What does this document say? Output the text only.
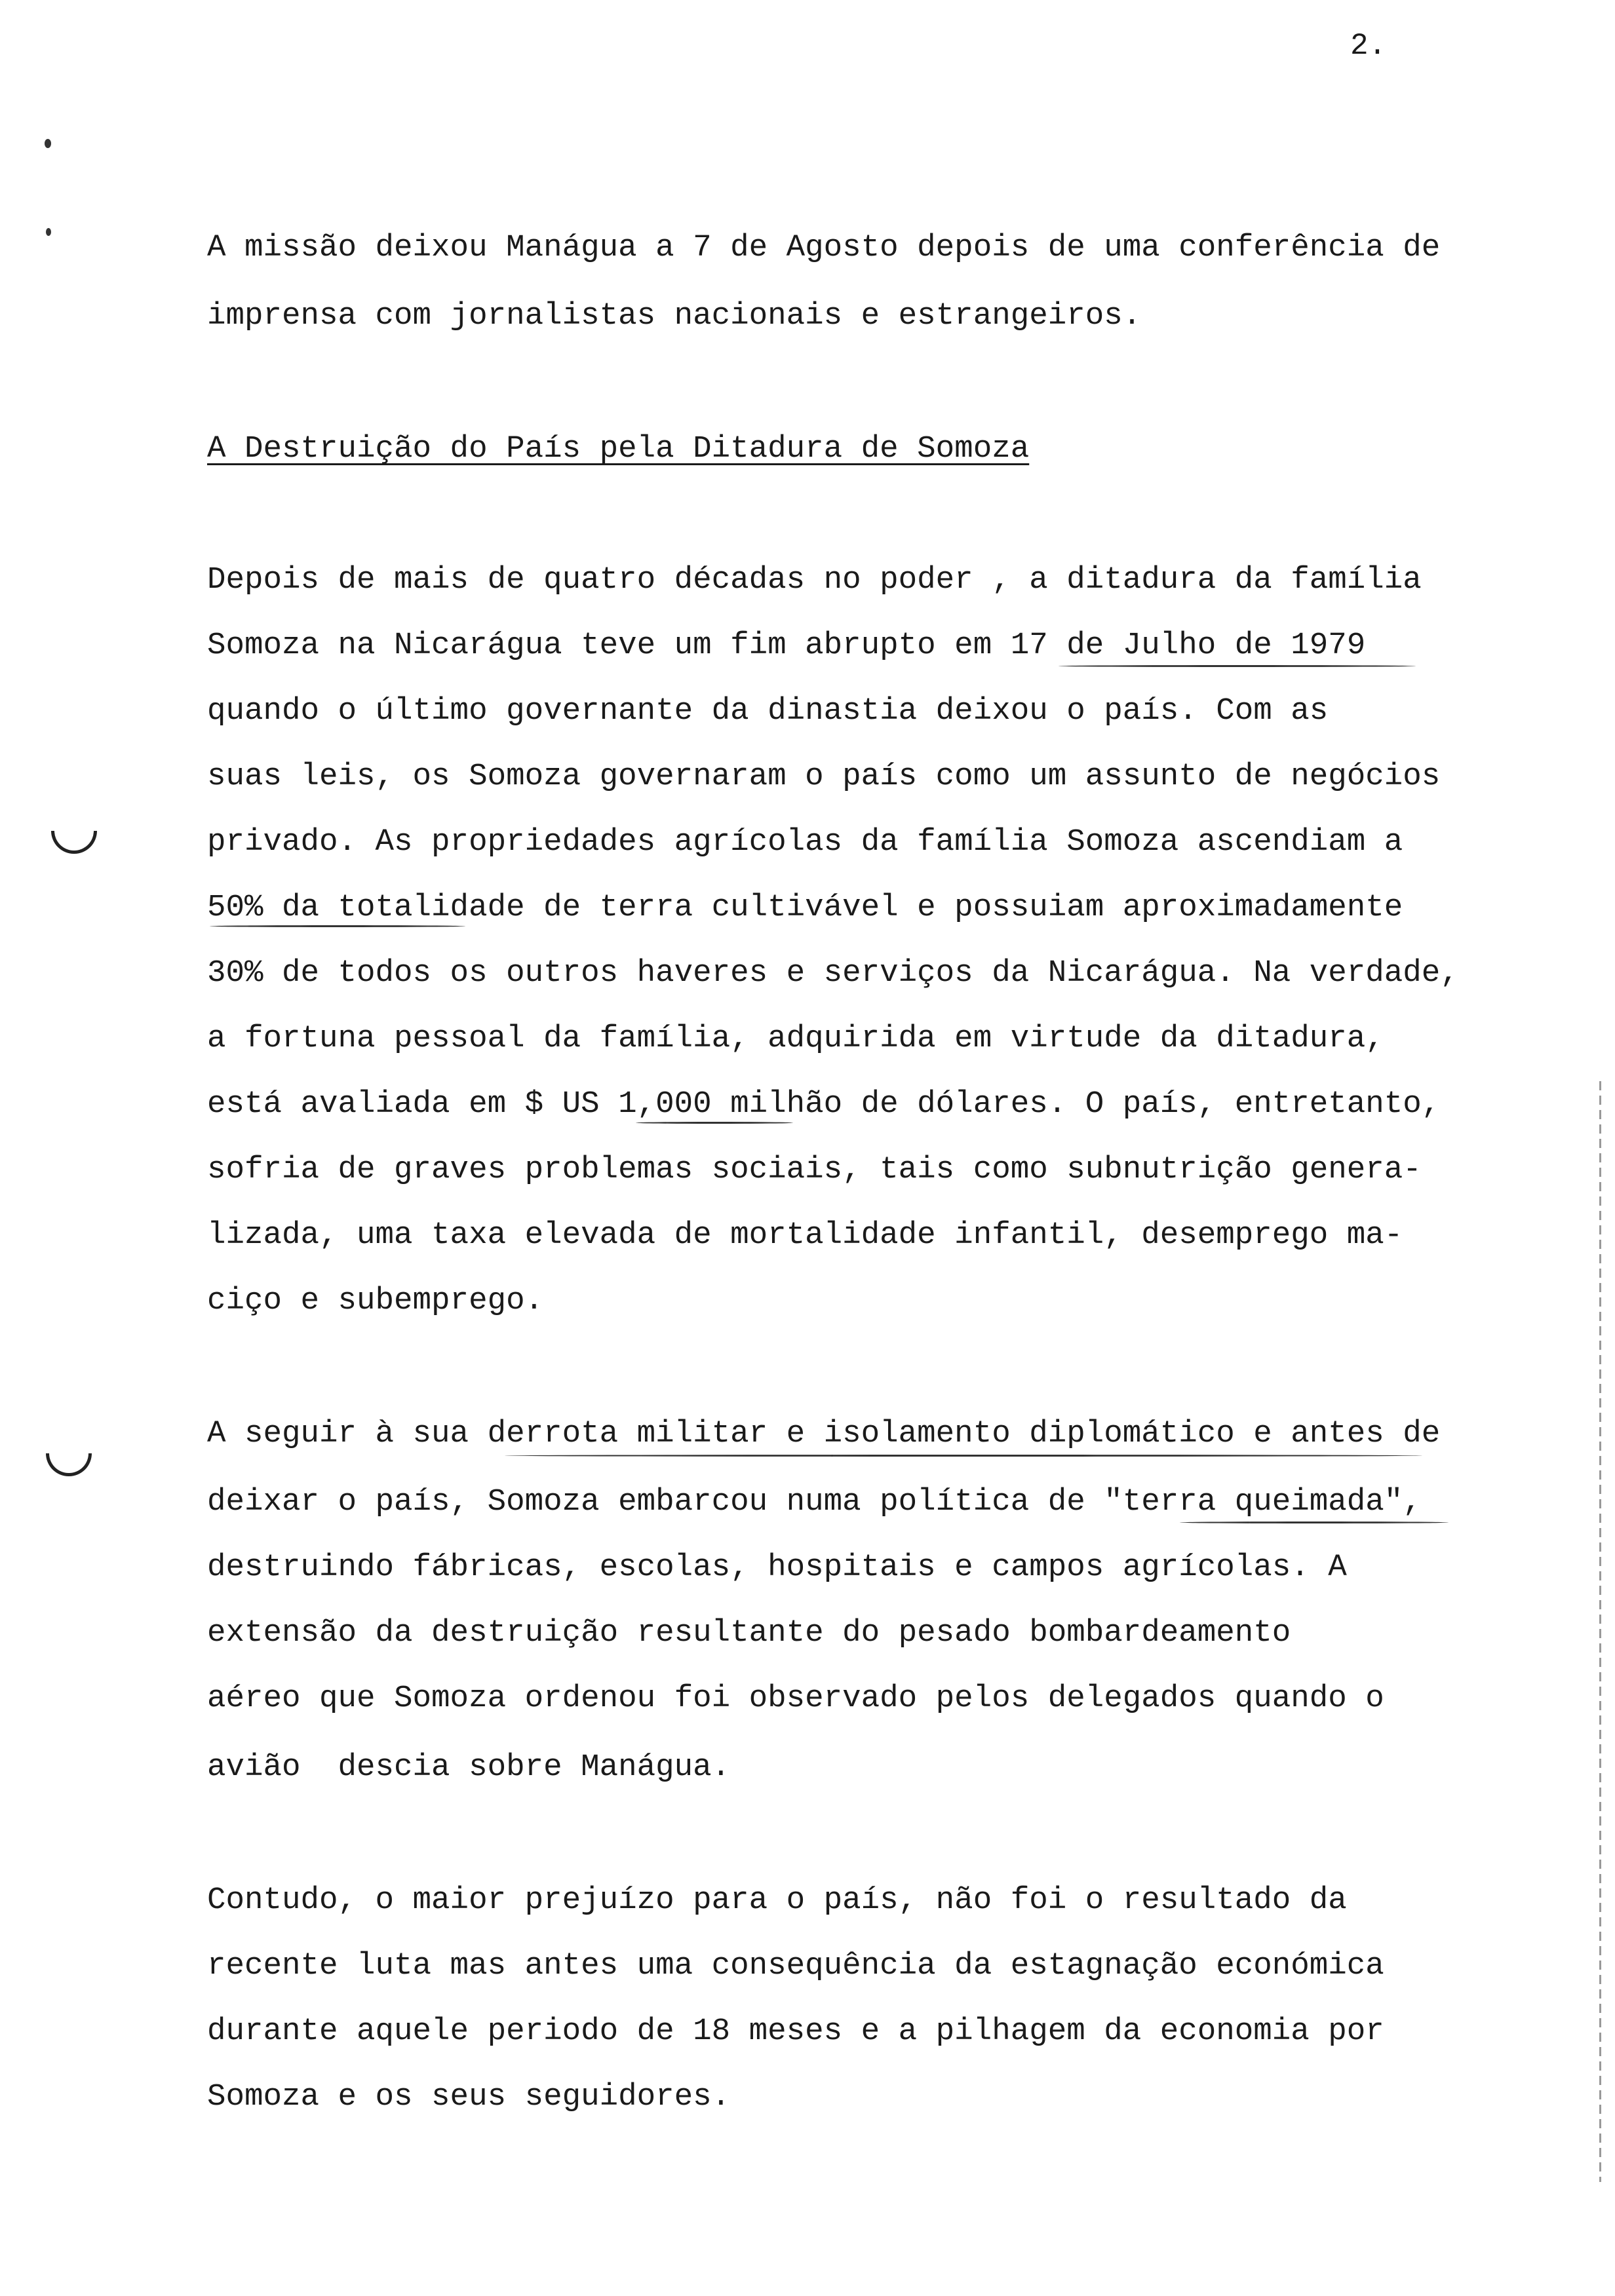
2.
A missão deixou Manágua a 7 de Agosto depois de uma conferência de
imprensa com jornalistas nacionais e estrangeiros.
A Destruição do País pela Ditadura de Somoza
Depois de mais de quatro décadas no poder , a ditadura da família
Somoza na Nicarágua teve um fim abrupto em 17 de Julho de 1979
quando o último governante da dinastia deixou o país. Com as
suas leis, os Somoza governaram o país como um assunto de negócios
privado. As propriedades agrícolas da família Somoza ascendiam a
50% da totalidade de terra cultivável e possuiam aproximadamente
30% de todos os outros haveres e serviços da Nicarágua. Na verdade,
a fortuna pessoal da família, adquirida em virtude da ditadura,
está avaliada em $ US 1,000 milhão de dólares. O país, entretanto,
sofria de graves problemas sociais, tais como subnutrição genera-
lizada, uma taxa elevada de mortalidade infantil, desemprego ma-
ciço e subemprego.
A seguir à sua derrota militar e isolamento diplomático e antes de
deixar o país, Somoza embarcou numa política de "terra queimada",
destruindo fábricas, escolas, hospitais e campos agrícolas. A
extensão da destruição resultante do pesado bombardeamento
aéreo que Somoza ordenou foi observado pelos delegados quando o
avião  descia sobre Manágua.
Contudo, o maior prejuízo para o país, não foi o resultado da
recente luta mas antes uma consequência da estagnação económica
durante aquele periodo de 18 meses e a pilhagem da economia por
Somoza e os seus seguidores.
